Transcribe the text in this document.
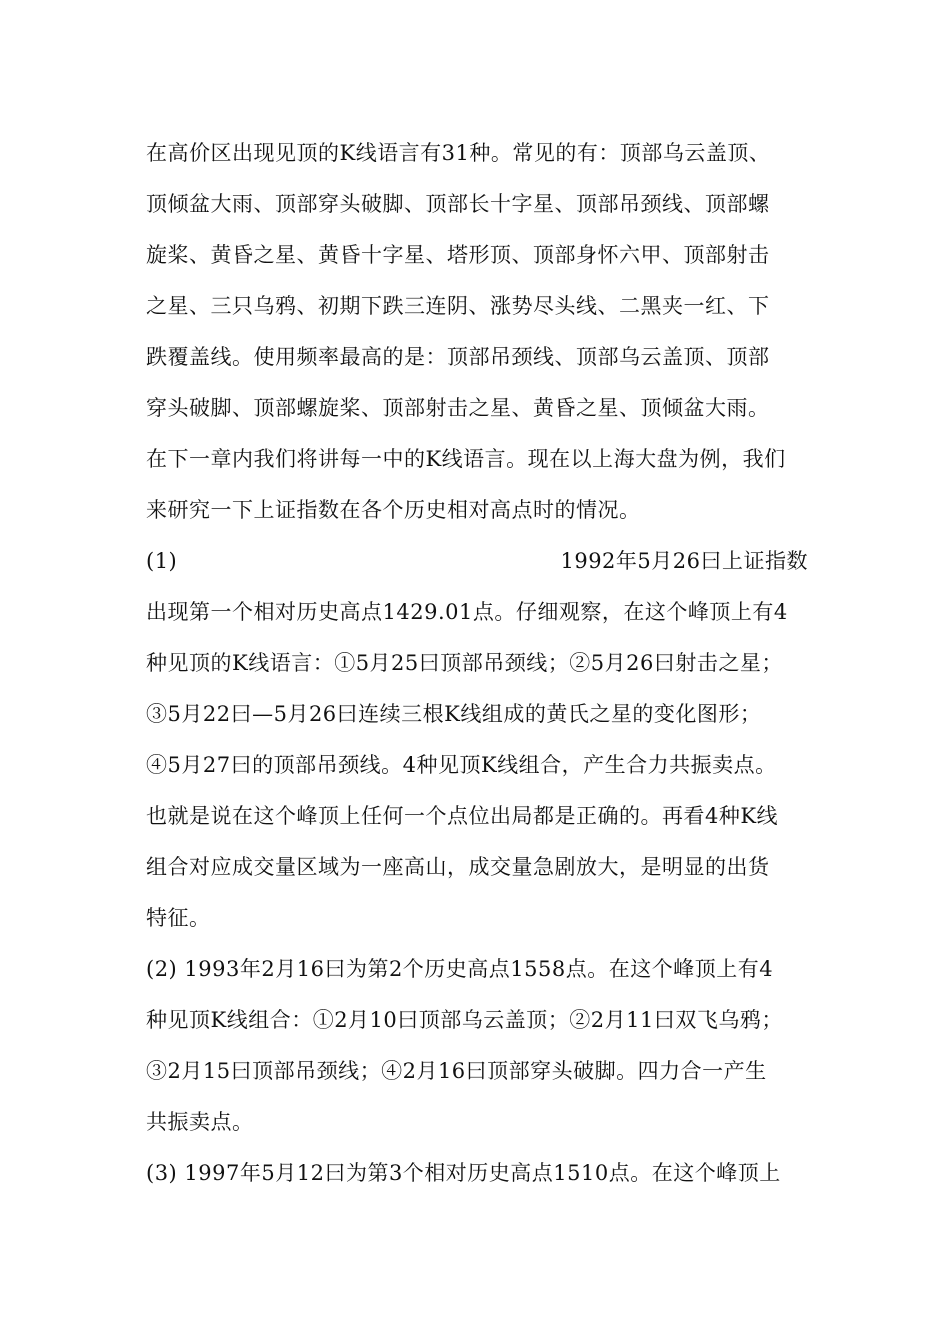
在高价区出现见顶的K线语言有31种。常见的有：顶部乌云盖顶、
顶倾盆大雨、顶部穿头破脚、顶部长十字星、顶部吊颈线、顶部螺
旋桨、黄昏之星、黄昏十字星、塔形顶、顶部身怀六甲、顶部射击
之星、三只乌鸦、初期下跌三连阴、涨势尽头线、二黑夹一红、下
跌覆盖线。使用频率最高的是：顶部吊颈线、顶部乌云盖顶、顶部
穿头破脚、顶部螺旋桨、顶部射击之星、黄昏之星、顶倾盆大雨。
在下一章内我们将讲每一中的K线语言。现在以上海大盘为例，我们
来研究一下上证指数在各个历史相对高点时的情况。
(1)	1992年5月26曰上证指数
出现第一个相对历史高点1429.01点。仔细观察，在这个峰顶上有4
种见顶的K线语言：①5月25曰顶部吊颈线；②5月26曰射击之星；
③5月22曰—5月26曰连续三根K线组成的黄氏之星的变化图形；
④5月27曰的顶部吊颈线。4种见顶K线组合，产生合力共振卖点。
也就是说在这个峰顶上任何一个点位出局都是正确的。再看4种K线
组合对应成交量区域为一座高山，成交量急剧放大，是明显的出货
特征。
(2) 1993年2月16曰为第2个历史高点1558点。在这个峰顶上有4
种见顶K线组合：①2月10曰顶部乌云盖顶；②2月11曰双飞乌鸦；
③2月15曰顶部吊颈线；④2月16曰顶部穿头破脚。四力合一产生
共振卖点。
(3) 1997年5月12曰为第3个相对历史高点1510点。在这个峰顶上
